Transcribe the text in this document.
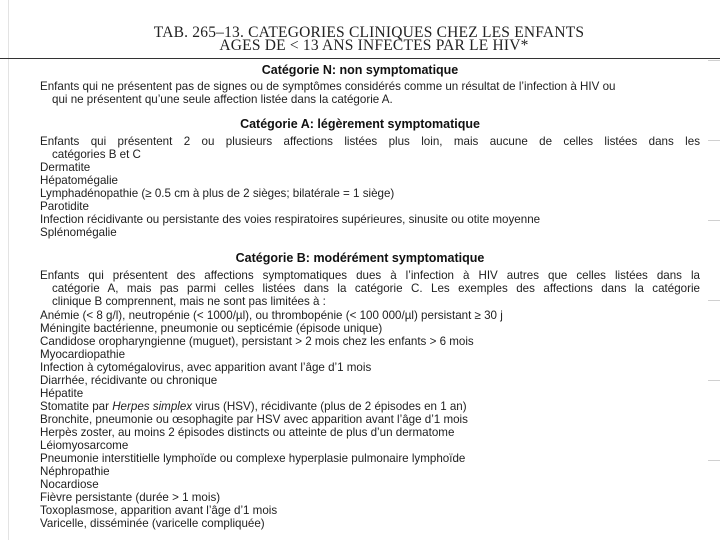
TAB. 265–13. CATEGORIES CLINIQUES CHEZ LES ENFANTS
AGES DE < 13 ANS INFECTES PAR LE HIV*
Catégorie N: non symptomatique
Enfants qui ne présentent pas de signes ou de symptômes considérés comme un résultat de l’infection à HIV ou
qui ne présentent qu’une seule affection listée dans la catégorie A.
Catégorie A: légèrement symptomatique
Enfants qui présentent 2 ou plusieurs affections listées plus loin, mais aucune de celles listées dans les
catégories B et C
Dermatite
Hépatomégalie
Lymphadénopathie (≥ 0.5 cm à plus de 2 sièges; bilatérale = 1 siège)
Parotidite
Infection récidivante ou persistante des voies respiratoires supérieures, sinusite ou otite moyenne
Splénomégalie
Catégorie B: modérément symptomatique
Enfants qui présentent des affections symptomatiques dues à l’infection à HIV autres que celles listées dans la
catégorie A, mais pas parmi celles listées dans la catégorie C. Les exemples des affections dans la catégorie
clinique B comprennent, mais ne sont pas limitées à :
Anémie (< 8 g/l), neutropénie (< 1000/µl), ou thrombopénie (< 100 000/µl) persistant ≥ 30 j
Méningite bactérienne, pneumonie ou septicémie (épisode unique)
Candidose oropharyngienne (muguet), persistant > 2 mois chez les enfants > 6 mois
Myocardiopathie
Infection à cytomégalovirus, avec apparition avant l’âge d’1 mois
Diarrhée, récidivante ou chronique
Hépatite
Stomatite par Herpes simplex virus (HSV), récidivante (plus de 2 épisodes en 1 an)
Bronchite, pneumonie ou œsophagite par HSV avec apparition avant l’âge d’1 mois
Herpès zoster, au moins 2 épisodes distincts ou atteinte de plus d’un dermatome
Léiomyosarcome
Pneumonie interstitielle lymphoïde ou complexe hyperplasie pulmonaire lymphoïde
Néphropathie
Nocardiose
Fièvre persistante (durée > 1 mois)
Toxoplasmose, apparition avant l’âge d’1 mois
Varicelle, disséminée (varicelle compliquée)
